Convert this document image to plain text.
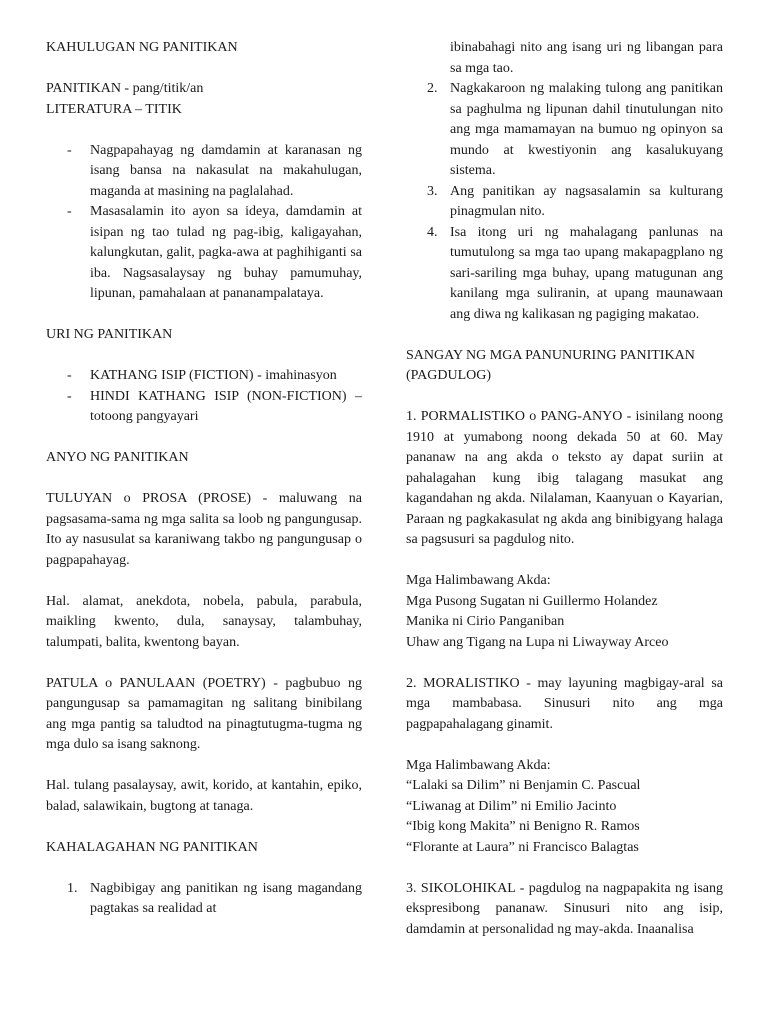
KAHULUGAN NG PANITIKAN

PANITIKAN - pang/titik/an

LITERATURA – TITIK

- Nagpapahayag ng damdamin at karanasan ng isang bansa na nakasulat na makahulugan, maganda at masining na paglalahad.
- Masasalamin ito ayon sa ideya, damdamin at isipan ng tao tulad ng pag-ibig, kaligayahan, kalungkutan, galit, pagka-awa at paghihiganti sa iba. Nagsasalaysay ng buhay pamumuhay, lipunan, pamahalaan at pananampalataya.

URI NG PANITIKAN

- KATHANG ISIP (FICTION) - imahinasyon
- HINDI KATHANG ISIP (NON-FICTION) – totoong pangyayari

ANYO NG PANITIKAN

TULUYAN o PROSA (PROSE) - maluwang na pagsasama-sama ng mga salita sa loob ng pangungusap. Ito ay nasusulat sa karaniwang takbo ng pangungusap o pagpapahayag.

Hal. alamat, anekdota, nobela, pabula, parabula, maikling kwento, dula, sanaysay, talambuhay, talumpati, balita, kwentong bayan.

PATULA o PANULAAN (POETRY) - pagbubuo ng pangungusap sa pamamagitan ng salitang binibilang ang mga pantig sa taludtod na pinagtutugma-tugma ng mga dulo sa isang saknong.

Hal. tulang pasalaysay, awit, korido, at kantahin, epiko, balad, salawikain, bugtong at tanaga.

KAHALAGAHAN NG PANITIKAN

1. Nagbibigay ang panitikan ng isang magandang pagtakas sa realidad at
ibinabahagi nito ang isang uri ng libangan para sa mga tao.
2. Nagkakaroon ng malaking tulong ang panitikan sa paghulma ng lipunan dahil tinutulungan nito ang mga mamamayan na bumuo ng opinyon sa mundo at kwestiyonin ang kasalukuyang sistema.
3. Ang panitikan ay nagsasalamin sa kulturang pinagmulan nito.
4. Isa itong uri ng mahalagang panlunas na tumutulong sa mga tao upang makapagplano ng sari-sariling mga buhay, upang matugunan ang kanilang mga suliranin, at upang maunawaan ang diwa ng kalikasan ng pagiging makatao.

SANGAY NG MGA PANUNURING PANITIKAN (PAGDULOG)

1. PORMALISTIKO o PANG-ANYO - isinilang noong 1910 at yumabong noong dekada 50 at 60. May pananaw na ang akda o teksto ay dapat suriin at pahalagahan kung ibig talagang masukat ang kagandahan ng akda. Nilalaman, Kaanyuan o Kayarian, Paraan ng pagkakasulat ng akda ang binibigyang halaga sa pagsusuri sa pagdulog nito.

Mga Halimbawang Akda:

Mga Pusong Sugatan ni Guillermo Holandez

Manika ni Cirio Panganiban

Uhaw ang Tigang na Lupa ni Liwayway Arceo

2. MORALISTIKO - may layuning magbigay-aral sa mga mambabasa. Sinusuri nito ang mga pagpapahalagang ginamit.

Mga Halimbawang Akda:

“Lalaki sa Dilim” ni Benjamin C. Pascual

“Liwanag at Dilim” ni Emilio Jacinto

“Ibig kong Makita” ni Benigno R. Ramos

“Florante at Laura” ni Francisco Balagtas

3. SIKOLOHIKAL - pagdulog na nagpapakita ng isang ekspresibong pananaw. Sinusuri nito ang isip, damdamin at personalidad ng may-akda. Inaanalisa
